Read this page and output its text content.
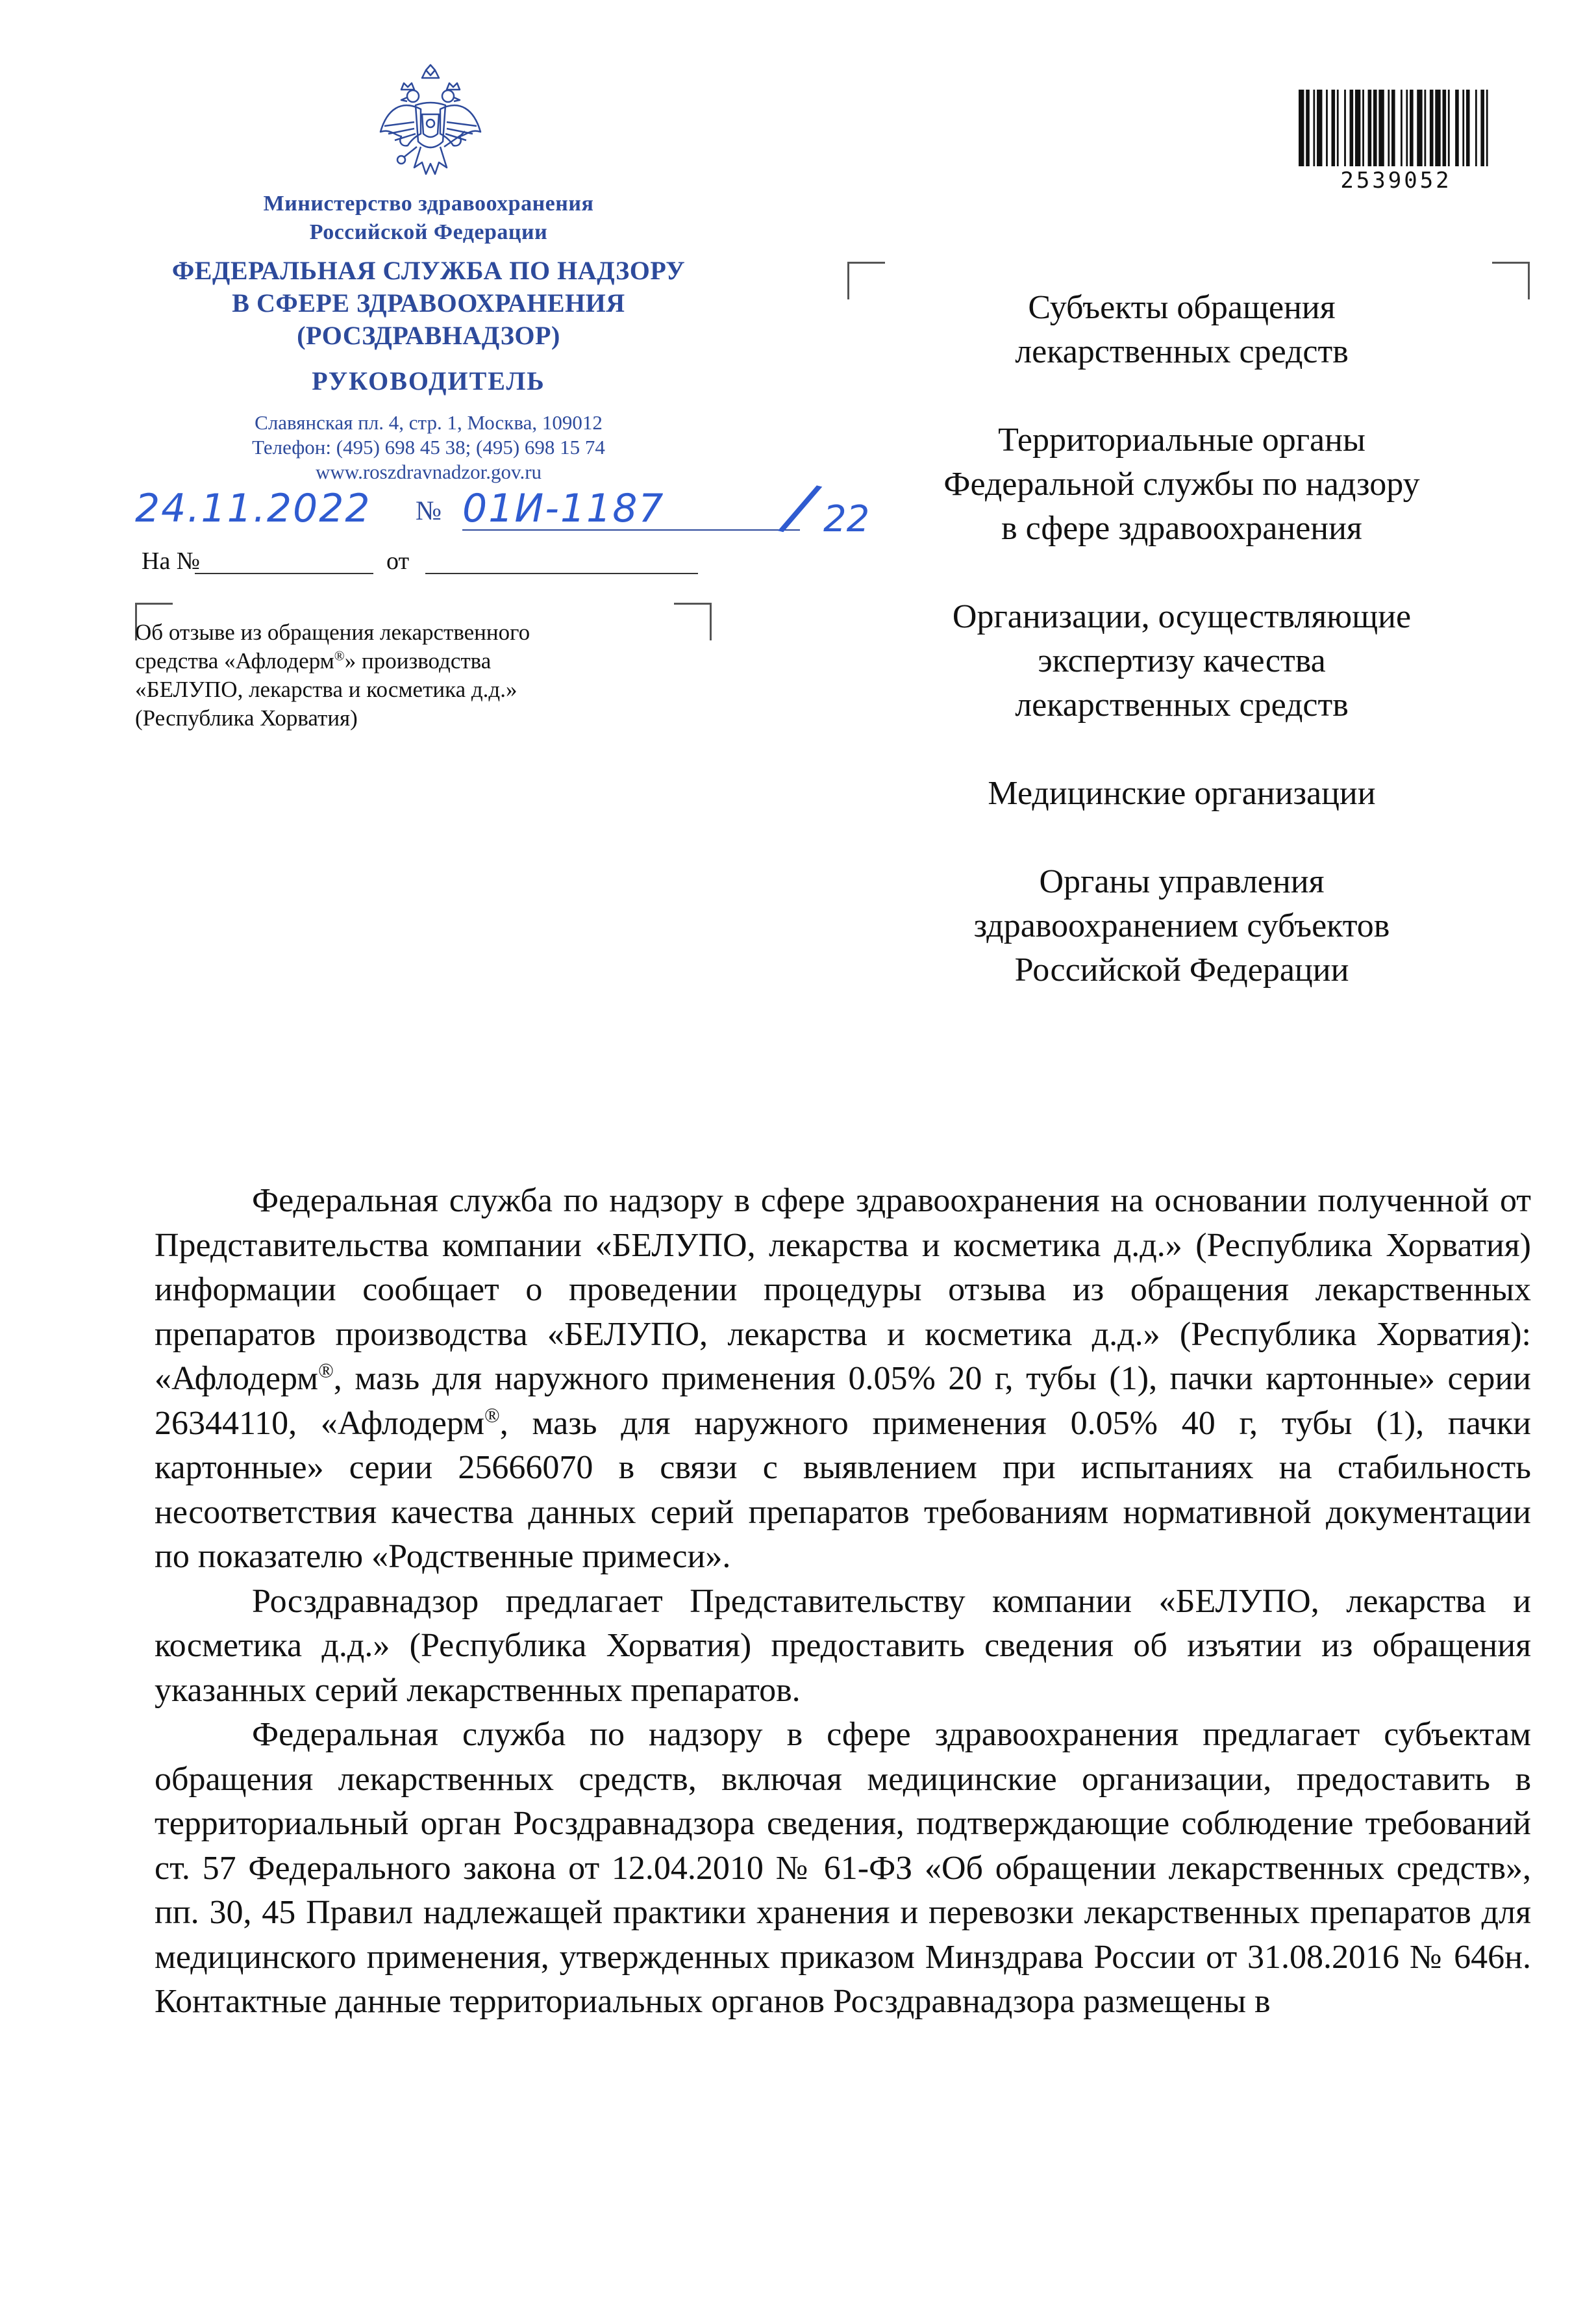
Министерство здравоохранения
Российской Федерации
ФЕДЕРАЛЬНАЯ СЛУЖБА ПО НАДЗОРУ
В СФЕРЕ ЗДРАВООХРАНЕНИЯ
(РОСЗДРАВНАДЗОР)
РУКОВОДИТЕЛЬ
Славянская пл. 4, стр. 1, Москва, 109012
Телефон: (495) 698 45 38; (495) 698 15 74
www.roszdravnadzor.gov.ru
24.11.2022 № 01И-1187 / 22
На №	от
Об отзыве из обращения лекарственного
средства «Афлодерм®» производства
«БЕЛУПО, лекарства и косметика д.д.»
(Республика Хорватия)
2539052
Субъекты обращения
лекарственных средств
Территориальные органы
Федеральной службы по надзору
в сфере здравоохранения
Организации, осуществляющие
экспертизу качества
лекарственных средств
Медицинские организации
Органы управления
здравоохранением субъектов
Российской Федерации

Федеральная служба по надзору в сфере здравоохранения на основании полученной от Представительства компании «БЕЛУПО, лекарства и косметика д.д.» (Республика Хорватия) информации сообщает о проведении процедуры отзыва из обращения лекарственных препаратов производства «БЕЛУПО, лекарства и косметика д.д.» (Республика Хорватия): «Афлодерм®, мазь для наружного применения 0.05% 20 г, тубы (1), пачки картонные» серии 26344110, «Афлодерм®, мазь для наружного применения 0.05% 40 г, тубы (1), пачки картонные» серии 25666070 в связи с выявлением при испытаниях на стабильность несоответствия качества данных серий препаратов требованиям нормативной документации по показателю «Родственные примеси».

Росздравнадзор предлагает Представительству компании «БЕЛУПО, лекарства и косметика д.д.» (Республика Хорватия) предоставить сведения об изъятии из обращения указанных серий лекарственных препаратов.

Федеральная служба по надзору в сфере здравоохранения предлагает субъектам обращения лекарственных средств, включая медицинские организации, предоставить в территориальный орган Росздравнадзора сведения, подтверждающие соблюдение требований ст. 57 Федерального закона от 12.04.2010 № 61-ФЗ «Об обращении лекарственных средств», пп. 30, 45 Правил надлежащей практики хранения и перевозки лекарственных препаратов для медицинского применения, утвержденных приказом Минздрава России от 31.08.2016 № 646н. Контактные данные территориальных органов Росздравнадзора размещены в
